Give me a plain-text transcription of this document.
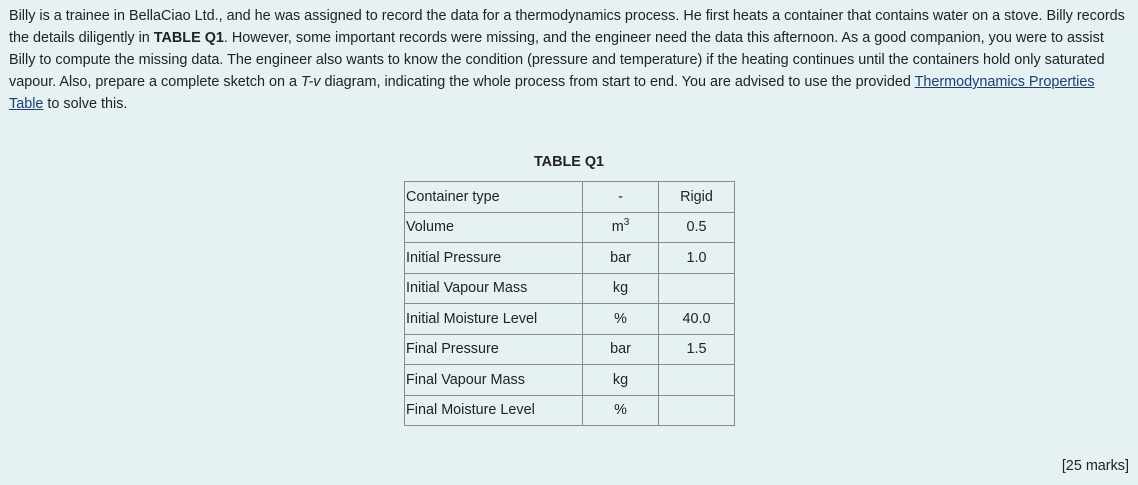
Billy is a trainee in BellaCiao Ltd., and he was assigned to record the data for a thermodynamics process. He first heats a container that contains water on a stove. Billy records the details diligently in TABLE Q1. However, some important records were missing, and the engineer need the data this afternoon. As a good companion, you were to assist Billy to compute the missing data. The engineer also wants to know the condition (pressure and temperature) if the heating continues until the containers hold only saturated vapour. Also, prepare a complete sketch on a T-v diagram, indicating the whole process from start to end. You are advised to use the provided Thermodynamics Properties Table to solve this.

TABLE Q1
Container type	-	Rigid
Volume	$m^3$	0.5
Initial Pressure	bar	1.0
Initial Vapour Mass	kg	
Initial Moisture Level	%	40.0
Final Pressure	bar	1.5
Final Vapour Mass	kg	
Final Moisture Level	%	
[25 marks]
